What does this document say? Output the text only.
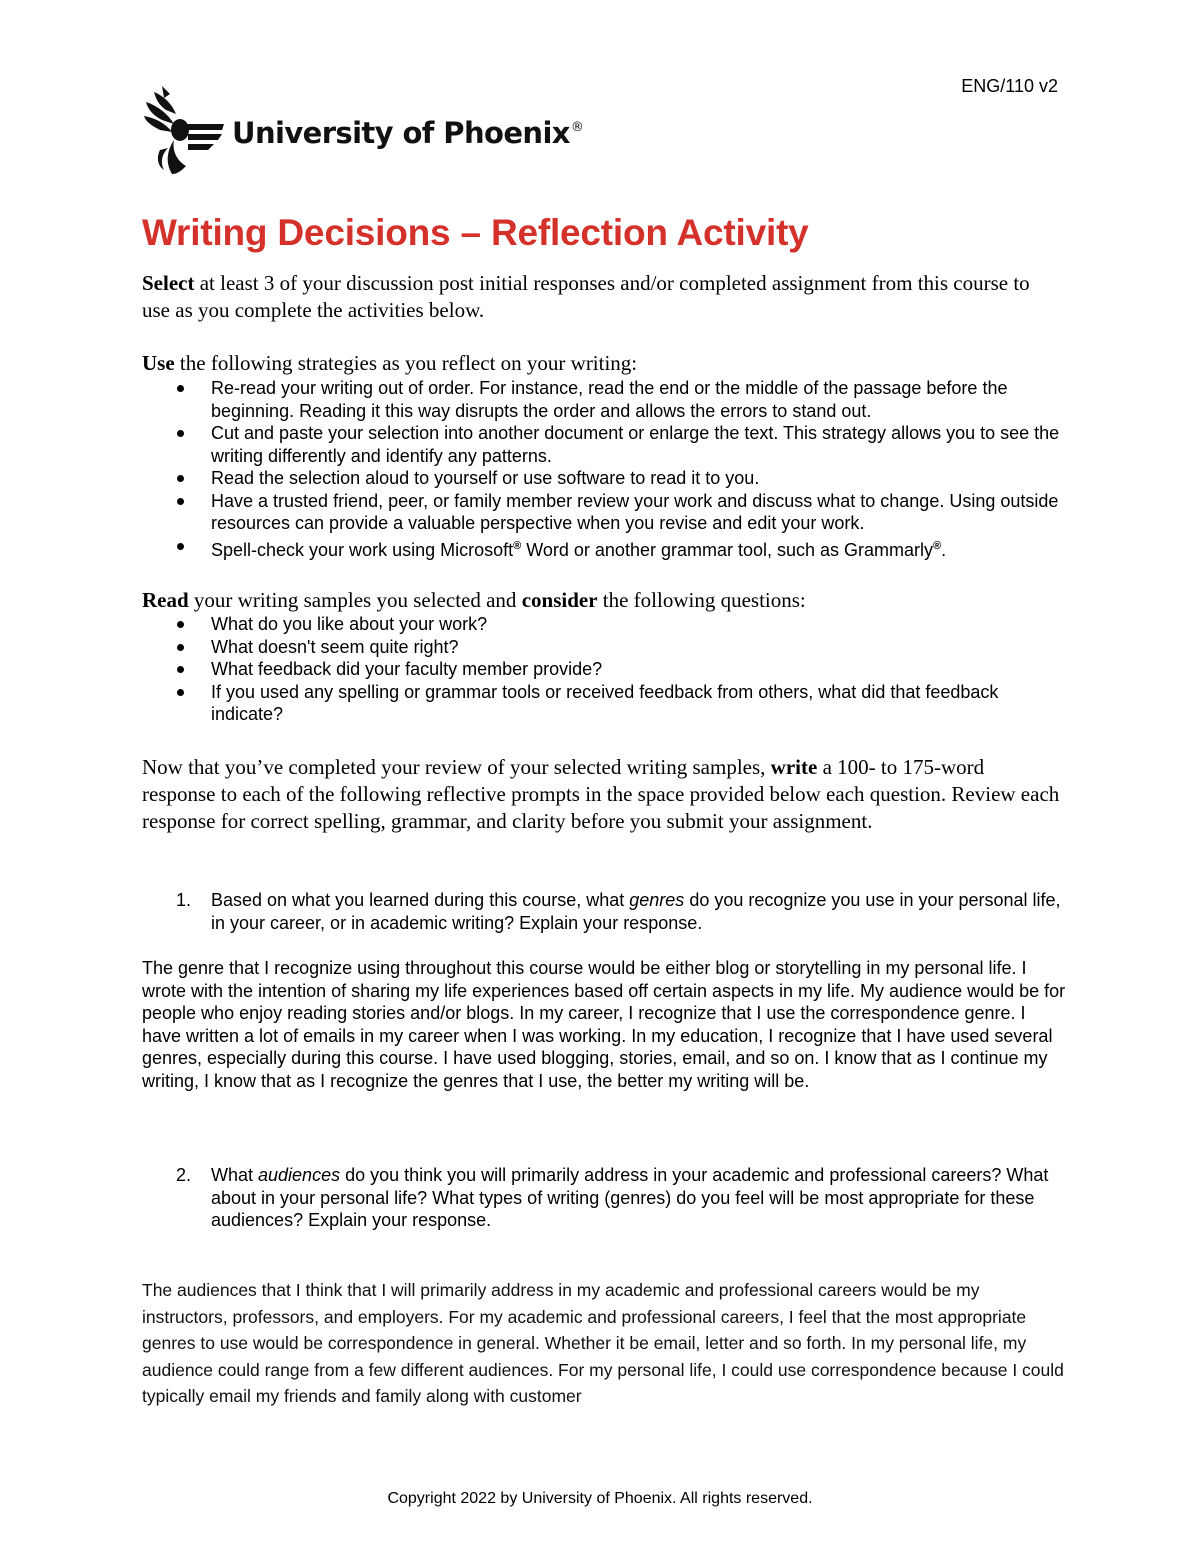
ENG/110 v2
University of Phoenix®
Writing Decisions – Reflection Activity

Select at least 3 of your discussion post initial responses and/or completed assignment from this course to use as you complete the activities below.

Use the following strategies as you reflect on your writing:

Re-read your writing out of order. For instance, read the end or the middle of the passage before the beginning. Reading it this way disrupts the order and allows the errors to stand out.
Cut and paste your selection into another document or enlarge the text. This strategy allows you to see the writing differently and identify any patterns.
Read the selection aloud to yourself or use software to read it to you.
Have a trusted friend, peer, or family member review your work and discuss what to change. Using outside resources can provide a valuable perspective when you revise and edit your work.
Spell-check your work using Microsoft® Word or another grammar tool, such as Grammarly®.

Read your writing samples you selected and consider the following questions:

What do you like about your work?
What doesn't seem quite right?
What feedback did your faculty member provide?
If you used any spelling or grammar tools or received feedback from others, what did that feedback indicate?

Now that you’ve completed your review of your selected writing samples, write a 100- to 175-word response to each of the following reflective prompts in the space provided below each question. Review each response for correct spelling, grammar, and clarity before you submit your assignment.

1. Based on what you learned during this course, what genres do you recognize you use in your personal life, in your career, or in academic writing? Explain your response.

The genre that I recognize using throughout this course would be either blog or storytelling in my personal life. I wrote with the intention of sharing my life experiences based off certain aspects in my life. My audience would be for people who enjoy reading stories and/or blogs. In my career, I recognize that I use the correspondence genre. I have written a lot of emails in my career when I was working. In my education, I recognize that I have used several genres, especially during this course. I have used blogging, stories, email, and so on. I know that as I continue my writing, I know that as I recognize the genres that I use, the better my writing will be.

2. What audiences do you think you will primarily address in your academic and professional careers? What about in your personal life? What types of writing (genres) do you feel will be most appropriate for these audiences? Explain your response.

The audiences that I think that I will primarily address in my academic and professional careers would be my instructors, professors, and employers. For my academic and professional careers, I feel that the most appropriate genres to use would be correspondence in general. Whether it be email, letter and so forth. In my personal life, my audience could range from a few different audiences. For my personal life, I could use correspondence because I could typically email my friends and family along with customer

Copyright 2022 by University of Phoenix. All rights reserved.
